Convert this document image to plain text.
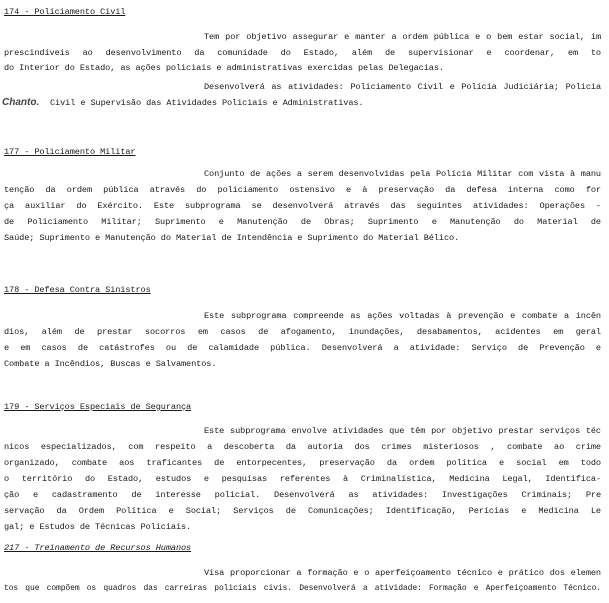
174 - Policiamento Civil
Tem por objetivo assegurar e manter a ordem pública e o bem estar social, im
prescindíveis ao desenvolvimento da comunidade do Estado, além de supervisionar e coordenar, em to
do Interior do Estado, as ações policiais e administrativas exercidas pelas Delegacias.
Desenvolverá as atividades: Policiamento Civil e Polícia Judiciária; Policia
Civil e Supervisão das Atividades Policiais e Administrativas.
177 - Policiamento Militar
Conjunto de ações a serem desenvolvidas pela Polícia Militar com vista à manu
tenção da ordem pública através do policiamento ostensivo e à preservação da defesa interna como for
ça auxiliar do Exército. Este subprograma se desenvolverá através das seguintes atividades: Operações -
de Policiamento Militar; Suprimento e Manutenção de Obras; Suprimento e Manutenção do Material de
Saúde; Suprimento e Manutenção do Material de Intendência e Suprimento do Material Bélico.
178 - Defesa Contra Sinistros
Este subprograma compreende as ações voltadas à prevenção e combate a incên
dios, além de prestar socorros em casos de afogamento, inundações, desabamentos, acidentes em geral
e em casos de catástrofes ou de calamidade pública. Desenvolverá a atividade: Serviço de Prevenção e
Combate a Incêndios, Buscas e Salvamentos.
179 - Serviços Especiais de Segurança
Este subprograma envolve atividades que têm por objetivo prestar serviços téc
nicos especializados, com respeito a descoberta da autoria dos crimes misteriosos , combate ao crime
organizado, combate aos traficantes de entorpecentes, preservação da ordem política e social em todo
o território do Estado, estudos e pesquisas referentes à Criminalística, Medicina Legal, Identifica-
ção e cadastramento de interesse policial. Desenvolverá as atividades: Investigações Criminais; Pre
servação da Ordem Política e Social; Serviços de Comunicações; Identificação, Perícias e Medicina Le
gal; e Estudos de Técnicas Policiais.
217 - Treinamento de Recursos Humanos
Visa proporcionar a formação e o aperfeiçoamento técnico e prático dos elemen
tos que compõem os quadros das carreiras policiais civis. Desenvolverá a atividade: Formação e Aperfeiçoamento Técnico.
Chanto.
